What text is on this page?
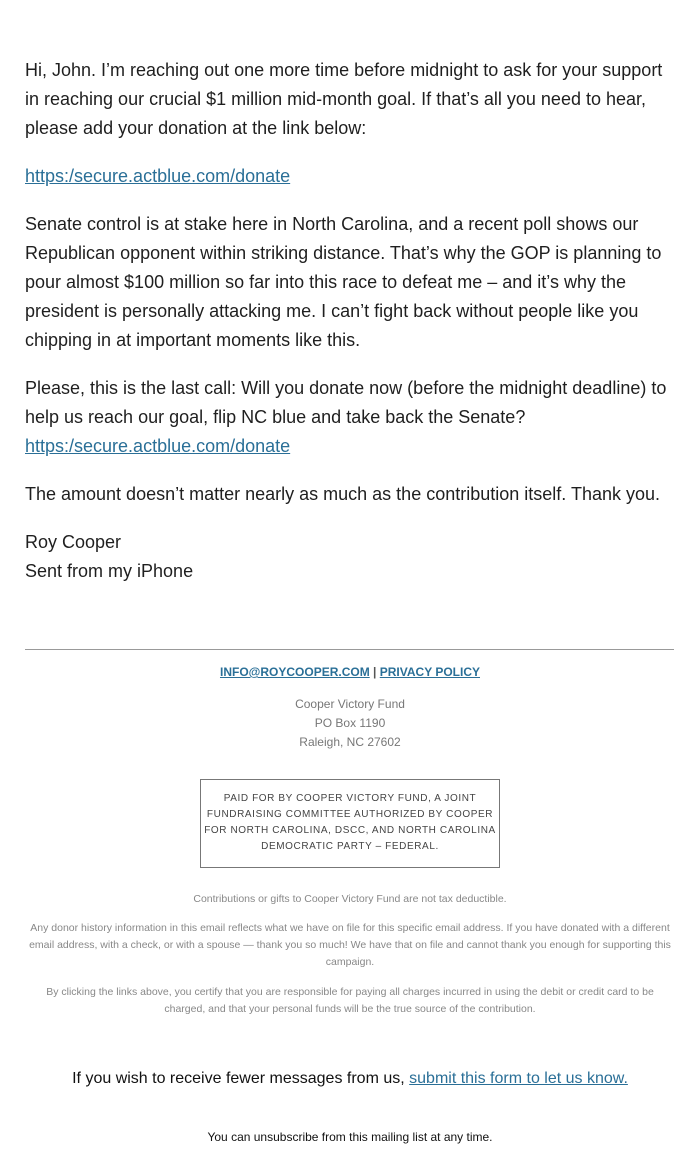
Hi, John. I’m reaching out one more time before midnight to ask for your support in reaching our crucial $1 million mid-month goal. If that’s all you need to hear, please add your donation at the link below:

https:/secure.actblue.com/donate

Senate control is at stake here in North Carolina, and a recent poll shows our Republican opponent within striking distance. That’s why the GOP is planning to pour almost $100 million so far into this race to defeat me – and it’s why the president is personally attacking me. I can’t fight back without people like you chipping in at important moments like this.

Please, this is the last call: Will you donate now (before the midnight deadline) to help us reach our goal, flip NC blue and take back the Senate? https:/secure.actblue.com/donate

The amount doesn’t matter nearly as much as the contribution itself. Thank you.

Roy Cooper
Sent from my iPhone

INFO@ROYCOOPER.COM | PRIVACY POLICY
Cooper Victory Fund
PO Box 1190
Raleigh, NC 27602
PAID FOR BY COOPER VICTORY FUND, A JOINT FUNDRAISING COMMITTEE AUTHORIZED BY COOPER FOR NORTH CAROLINA, DSCC, AND NORTH CAROLINA DEMOCRATIC PARTY – FEDERAL.

Contributions or gifts to Cooper Victory Fund are not tax deductible.

Any donor history information in this email reflects what we have on file for this specific email address. If you have donated with a different email address, with a check, or with a spouse — thank you so much! We have that on file and cannot thank you enough for supporting this campaign.

By clicking the links above, you certify that you are responsible for paying all charges incurred in using the debit or credit card to be charged, and that your personal funds will be the true source of the contribution.

If you wish to receive fewer messages from us, submit this form to let us know.
You can unsubscribe from this mailing list at any time.
